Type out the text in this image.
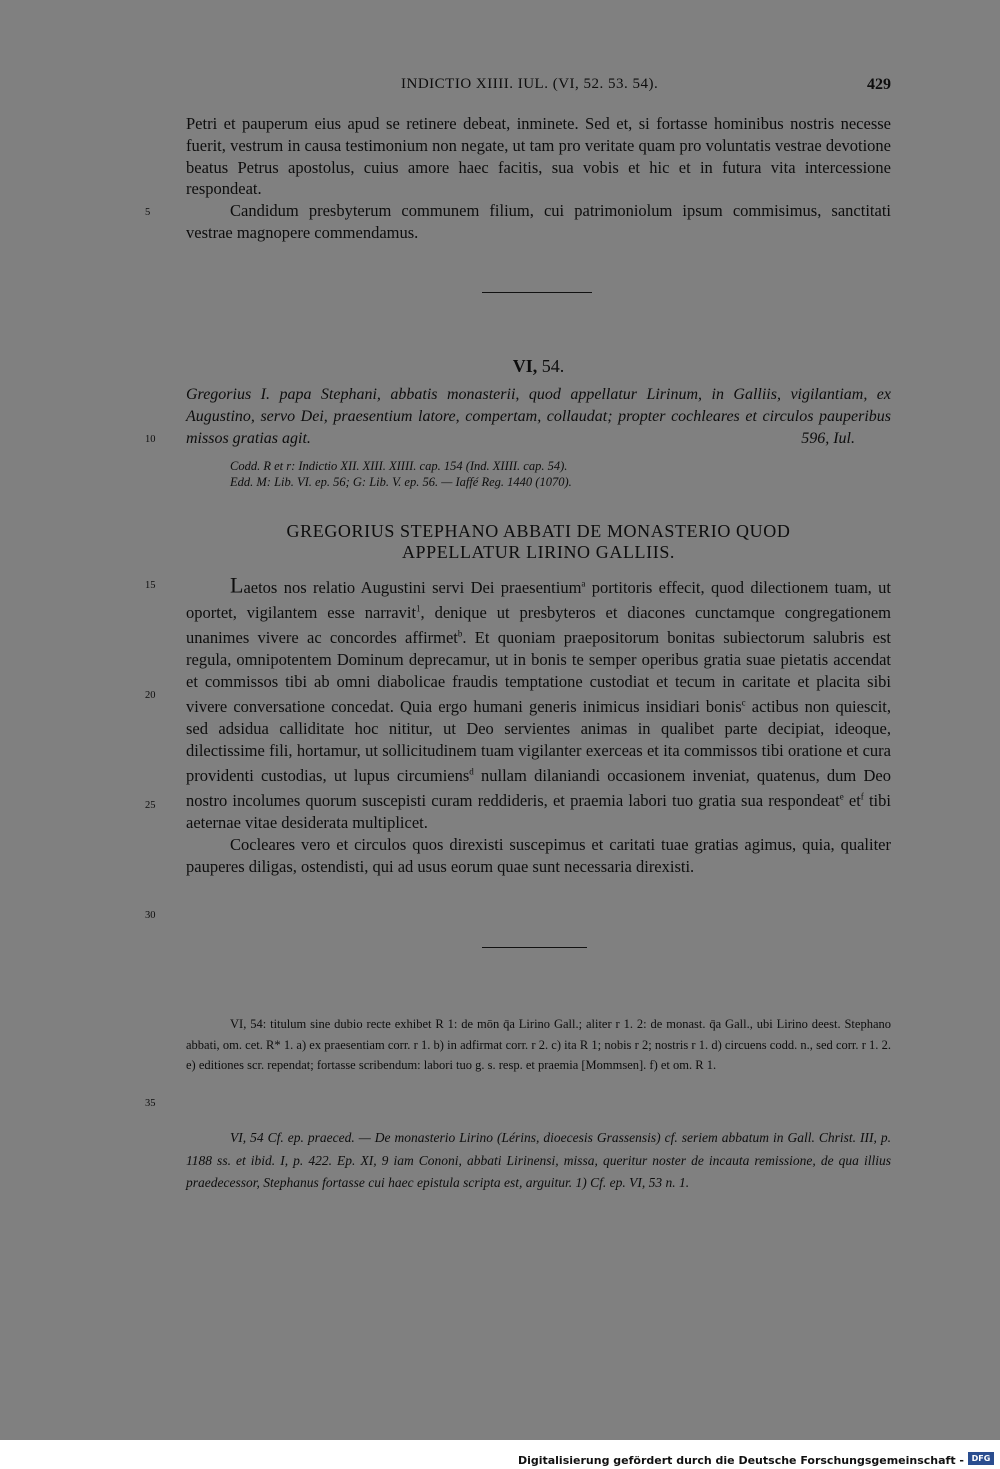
INDICTIO XIIII. IUL. (VI, 52. 53. 54).	429
5
10
15
20
25
30
35

Petri et pauperum eius apud se retinere debeat, inminete. Sed et, si fortasse hominibus nostris necesse fuerit, vestrum in causa testimonium non negate, ut tam pro veritate quam pro voluntatis vestrae devotione beatus Petrus apostolus, cuius amore haec facitis, sua vobis et hic et in futura vita intercessione respondeat.

Candidum presbyterum communem filium, cui patrimoniolum ipsum commisimus, sanctitati vestrae magnopere commendamus.

VI, 54.
Gregorius I. papa Stephani, abbatis monasterii, quod appellatur Lirinum, in Galliis, vigilantiam, ex Augustino, servo Dei, praesentium latore, compertam, collaudat; propter cochleares et circulos pauperibus missos gratias agit.	596, Iul.
Codd. R et r: Indictio XII. XIII. XIIII. cap. 154 (Ind. XIIII. cap. 54).
Edd. M: Lib. VI. ep. 56; G: Lib. V. ep. 56. — Iaffé Reg. 1440 (1070).
GREGORIUS STEPHANO ABBATI DE MONASTERIO QUOD
APPELLATUR LIRINO GALLIIS.

Laetos nos relatio Augustini servi Dei praesentium$^a$ portitoris effecit, quod dilectionem tuam, ut oportet, vigilantem esse narravit$^1$, denique ut presbyteros et diacones cunctamque congregationem unanimes vivere ac concordes affirmet$^b$. Et quoniam praepositorum bonitas subiectorum salubris est regula, omnipotentem Dominum deprecamur, ut in bonis te semper operibus gratia suae pietatis accendat et commissos tibi ab omni diabolicae fraudis temptatione custodiat et tecum in caritate et placita sibi vivere conversatione concedat. Quia ergo humani generis inimicus insidiari bonis$^c$ actibus non quiescit, sed adsidua calliditate hoc nititur, ut Deo servientes animas in qualibet parte decipiat, ideoque, dilectissime fili, hortamur, ut sollicitudinem tuam vigilanter exerceas et ita commissos tibi oratione et cura providenti custodias, ut lupus circumiens$^d$ nullam dilaniandi occasionem inveniat, quatenus, dum Deo nostro incolumes quorum suscepisti curam reddideris, et praemia labori tuo gratia sua respondeat$^e$ $et^f$ tibi aeternae vitae desiderata multiplicet.

Cocleares vero et circulos quos direxisti suscepimus et caritati tuae gratias agimus, quia, qualiter pauperes diligas, ostendisti, qui ad usus eorum quae sunt necessaria direxisti.

VI, 54: titulum sine dubio recte exhibet R 1: de mōn q̄a Lirino Gall.; aliter r 1. 2: de monast. q̄a Gall., ubi Lirino deest. Stephano abbati, om. cet. R* 1. a) ex praesentiam corr. r 1. b) in adfirmat corr. r 2. c) ita R 1; nobis r 2; nostris r 1. d) circuens codd. n., sed corr. r 1. 2. e) editiones scr. rependat; fortasse scribendum: labori tuo g. s. resp. et praemia [Mommsen]. f) et om. R 1.

VI, 54 Cf. ep. praeced. — De monasterio Lirino (Lérins, dioecesis Grassensis) cf. seriem abbatum in Gall. Christ. III, p. 1188 ss. et ibid. I, p. 422. Ep. XI, 9 iam Cononi, abbati Lirinensi, missa, queritur noster de incauta remissione, de qua illius praedecessor, Stephanus fortasse cui haec epistula scripta est, arguitur. 1) Cf. ep. VI, 53 n. 1.

Digitalisierung gefördert durch die Deutsche Forschungsgemeinschaft - DFG
